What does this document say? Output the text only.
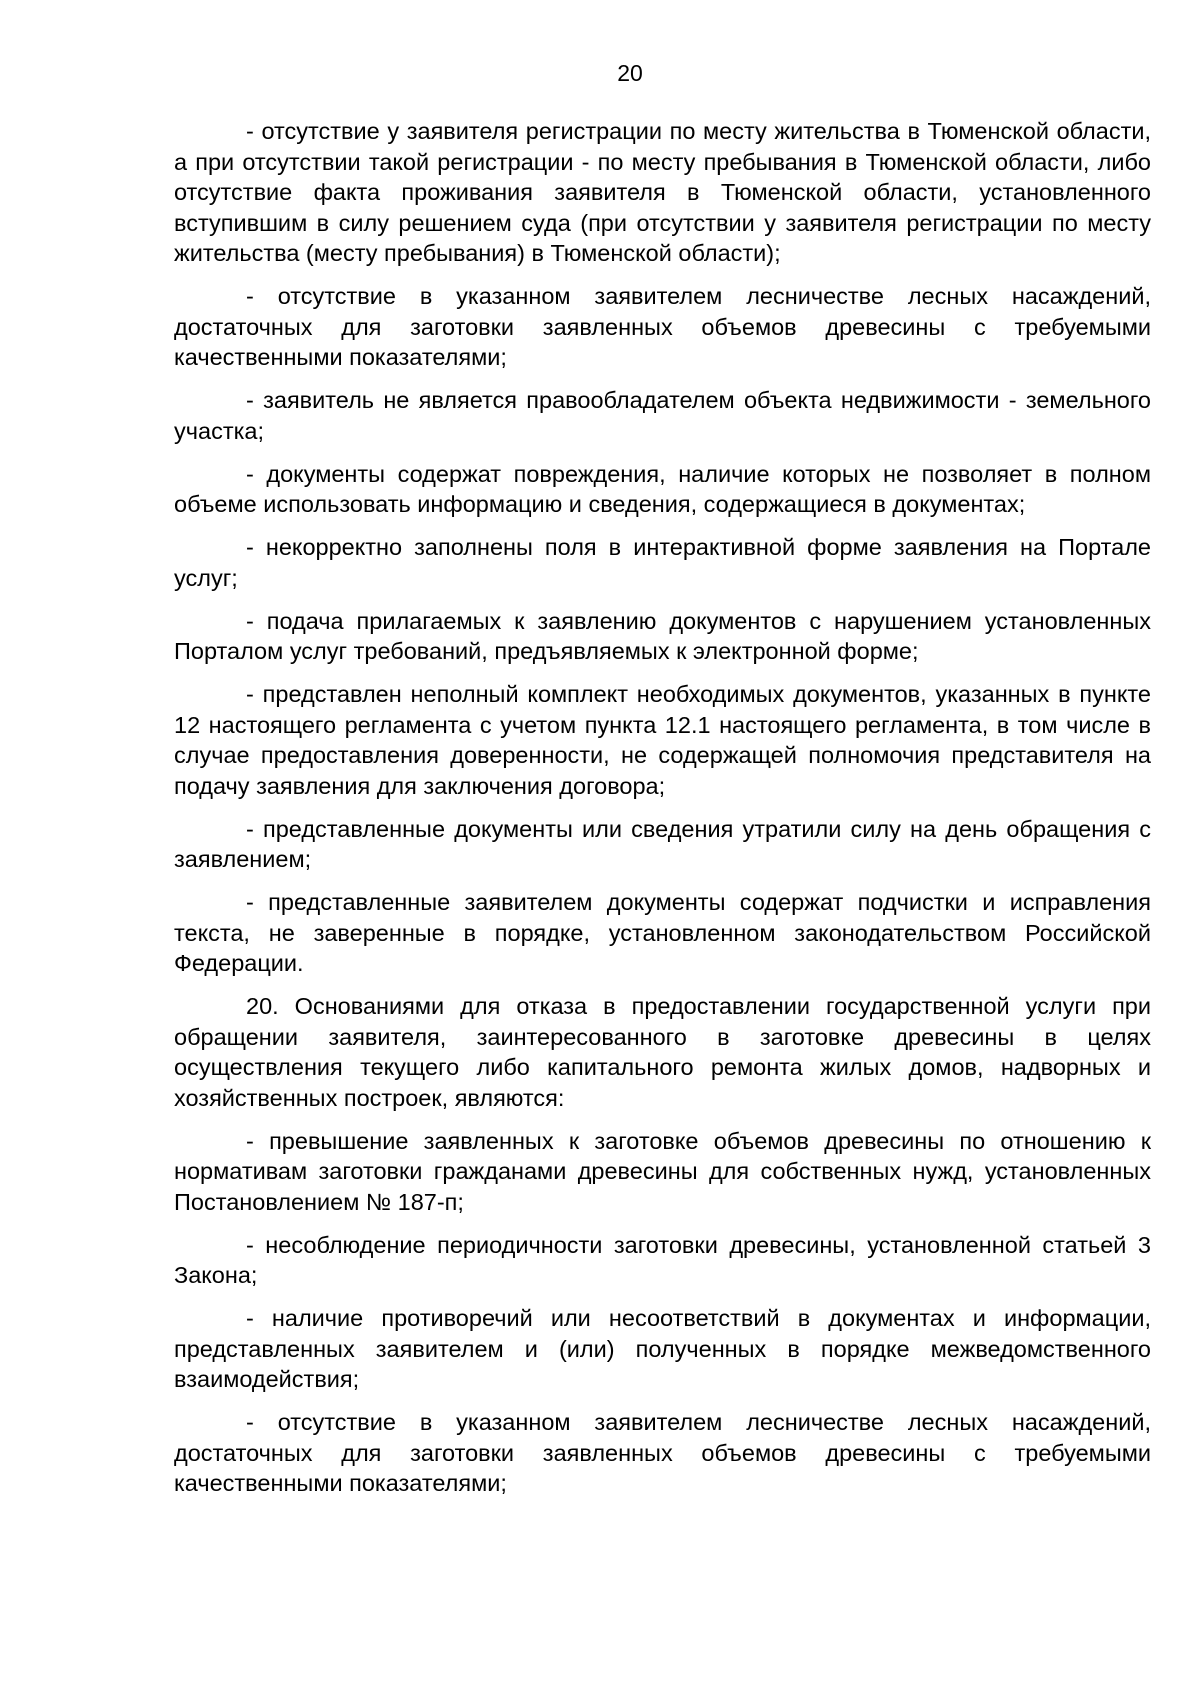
20

- отсутствие у заявителя регистрации по месту жительства в Тюменской области, а при отсутствии такой регистрации - по месту пребывания в Тюменской области, либо отсутствие факта проживания заявителя в Тюменской области, установленного вступившим в силу решением суда (при отсутствии у заявителя регистрации по месту жительства (месту пребывания) в Тюменской области);

- отсутствие в указанном заявителем лесничестве лесных насаждений, достаточных для заготовки заявленных объемов древесины с требуемыми качественными показателями;

- заявитель не является правообладателем объекта недвижимости - земельного участка;

- документы содержат повреждения, наличие которых не позволяет в полном объеме использовать информацию и сведения, содержащиеся в документах;

- некорректно заполнены поля в интерактивной форме заявления на Портале услуг;

- подача прилагаемых к заявлению документов с нарушением установленных Порталом услуг требований, предъявляемых к электронной форме;

- представлен неполный комплект необходимых документов, указанных в пункте 12 настоящего регламента с учетом пункта 12.1 настоящего регламента, в том числе в случае предоставления доверенности, не содержащей полномочия представителя на подачу заявления для заключения договора;

- представленные документы или сведения утратили силу на день обращения с заявлением;

- представленные заявителем документы содержат подчистки и исправления текста, не заверенные в порядке, установленном законодательством Российской Федерации.

20. Основаниями для отказа в предоставлении государственной услуги при обращении заявителя, заинтересованного в заготовке древесины в целях осуществления текущего либо капитального ремонта жилых домов, надворных и хозяйственных построек, являются:

- превышение заявленных к заготовке объемов древесины по отношению к нормативам заготовки гражданами древесины для собственных нужд, установленных Постановлением № 187-п;

- несоблюдение периодичности заготовки древесины, установленной статьей 3 Закона;

- наличие противоречий или несоответствий в документах и информации, представленных заявителем и (или) полученных в порядке межведомственного взаимодействия;

- отсутствие в указанном заявителем лесничестве лесных насаждений, достаточных для заготовки заявленных объемов древесины с требуемыми качественными показателями;
